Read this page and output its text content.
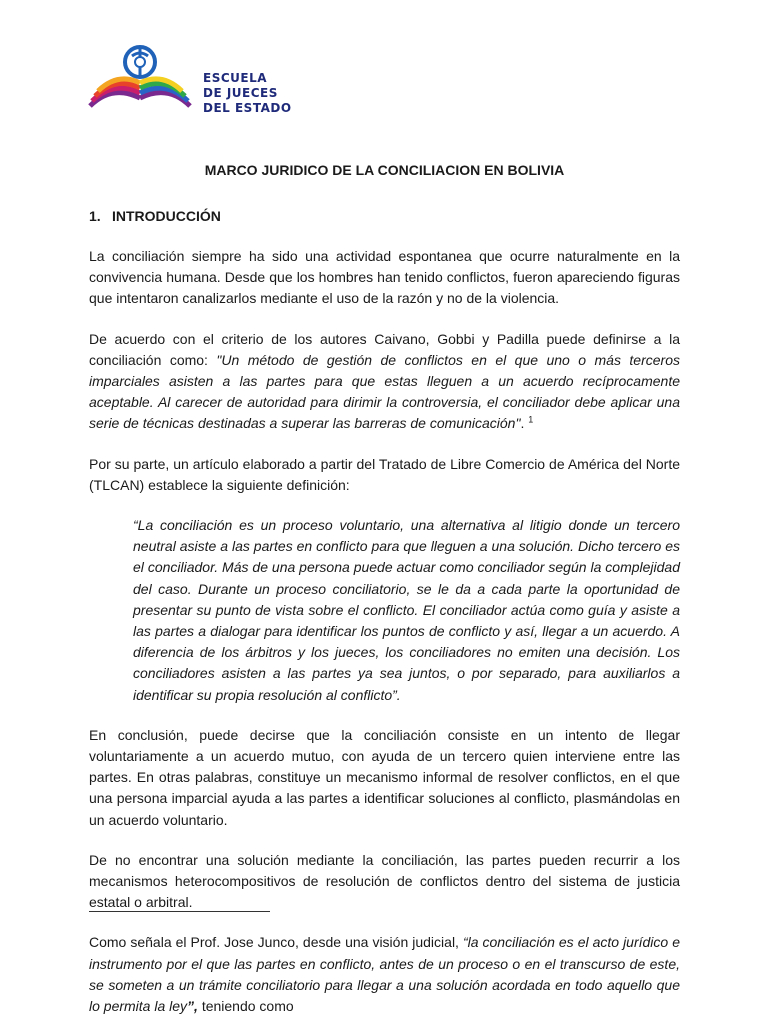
ESCUELA
DE JUECES
DEL ESTADO
MARCO JURIDICO DE LA CONCILIACION EN BOLIVIA
1. INTRODUCCIÓN

La conciliación siempre ha sido una actividad espontanea que ocurre naturalmente en la convivencia humana. Desde que los hombres han tenido conflictos, fueron apareciendo figuras que intentaron canalizarlos mediante el uso de la razón y no de la violencia.

De acuerdo con el criterio de los autores Caivano, Gobbi y Padilla puede definirse a la conciliación como: "Un método de gestión de conflictos en el que uno o más terceros imparciales asisten a las partes para que estas lleguen a un acuerdo recíprocamente aceptable. Al carecer de autoridad para dirimir la controversia, el conciliador debe aplicar una serie de técnicas destinadas a superar las barreras de comunicación". $^1$

Por su parte, un artículo elaborado a partir del Tratado de Libre Comercio de América del Norte (TLCAN) establece la siguiente definición:

“La conciliación es un proceso voluntario, una alternativa al litigio donde un tercero neutral asiste a las partes en conflicto para que lleguen a una solución. Dicho tercero es el conciliador. Más de una persona puede actuar como conciliador según la complejidad del caso. Durante un proceso conciliatorio, se le da a cada parte la oportunidad de presentar su punto de vista sobre el conflicto. El conciliador actúa como guía y asiste a las partes a dialogar para identificar los puntos de conflicto y así, llegar a un acuerdo. A diferencia de los árbitros y los jueces, los conciliadores no emiten una decisión. Los conciliadores asisten a las partes ya sea juntos, o por separado, para auxiliarlos a identificar su propia resolución al conflicto”.

En conclusión, puede decirse que la conciliación consiste en un intento de llegar voluntariamente a un acuerdo mutuo, con ayuda de un tercero quien interviene entre las partes. En otras palabras, constituye un mecanismo informal de resolver conflictos, en el que una persona imparcial ayuda a las partes a identificar soluciones al conflicto, plasmándolas en un acuerdo voluntario.

De no encontrar una solución mediante la conciliación, las partes pueden recurrir a los mecanismos heterocompositivos de resolución de conflictos dentro del sistema de justicia estatal o arbitral.

Como señala el Prof. Jose Junco, desde una visión judicial, “la conciliación es el acto jurídico e instrumento por el que las partes en conflicto, antes de un proceso o en el transcurso de este, se someten a un trámite conciliatorio para llegar a una solución acordada en todo aquello que lo permita la ley”, teniendo como
